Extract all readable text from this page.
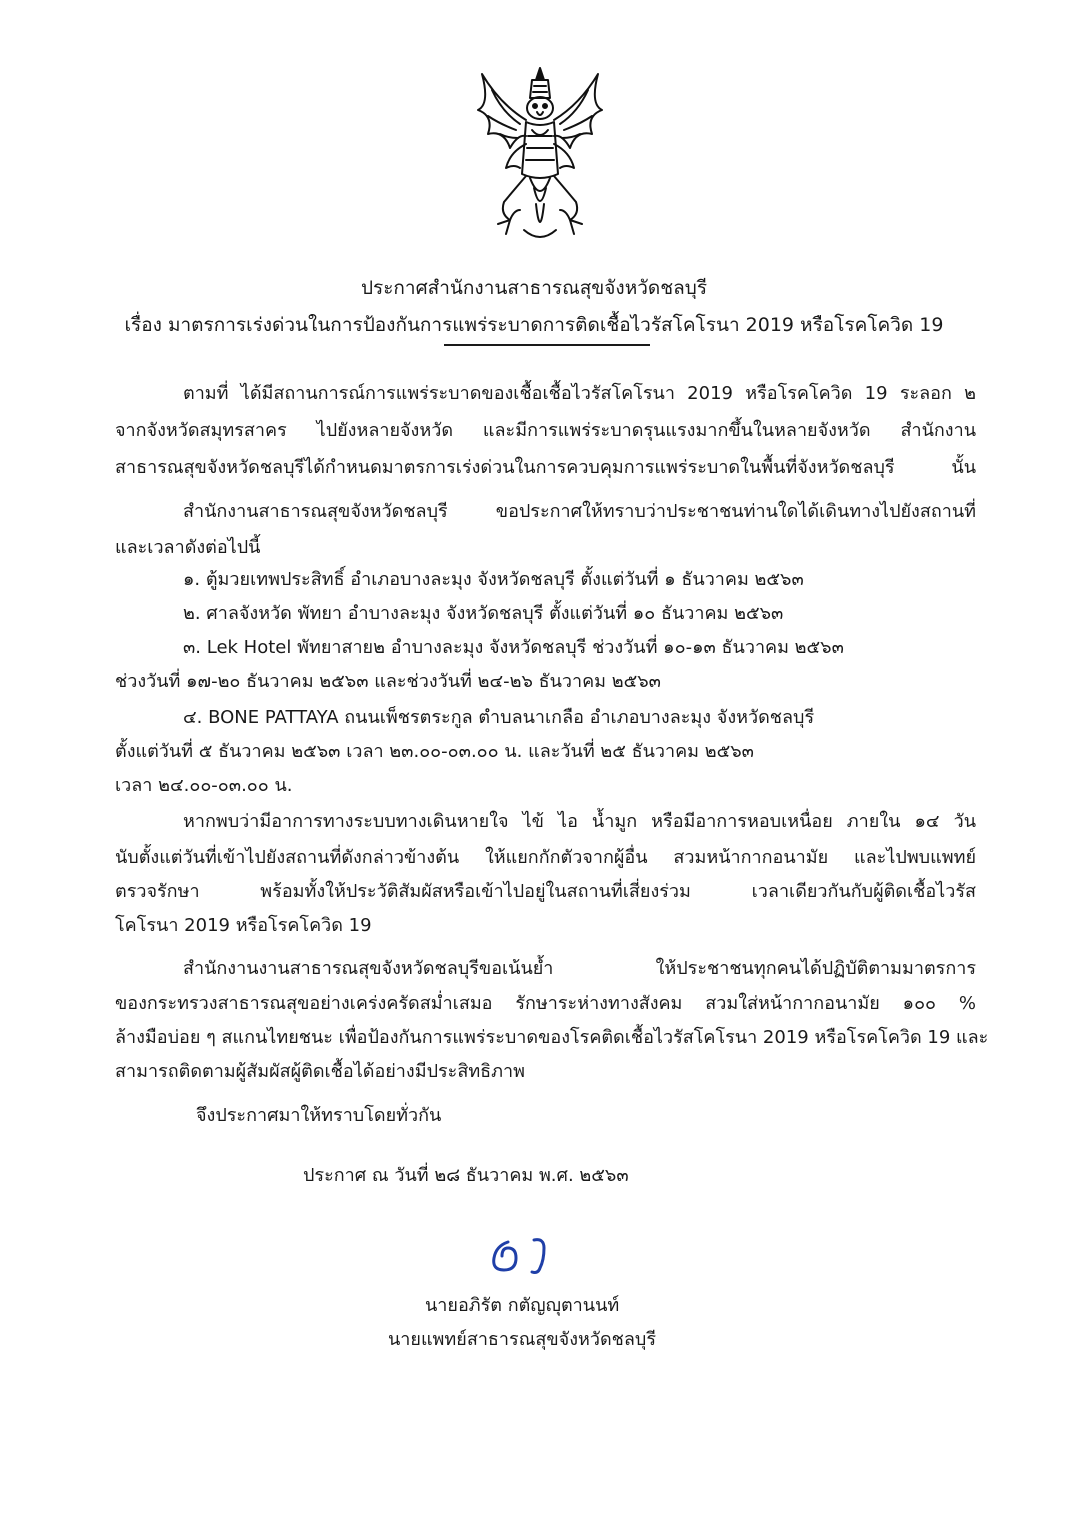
ประกาศสำนักงานสาธารณสุขจังหวัดชลบุรี
เรื่อง มาตรการเร่งด่วนในการป้องกันการแพร่ระบาดการติดเชื้อไวรัสโคโรนา 2019 หรือโรคโควิด 19
ตามที่ ได้มีสถานการณ์การแพร่ระบาดของเชื้อเชื้อไวรัสโคโรนา 2019 หรือโรคโควิด 19 ระลอก ๒
จากจังหวัดสมุทรสาคร ไปยังหลายจังหวัด และมีการแพร่ระบาดรุนแรงมากขึ้นในหลายจังหวัด สำนักงาน
สาธารณสุขจังหวัดชลบุรีได้กำหนดมาตรการเร่งด่วนในการควบคุมการแพร่ระบาดในพื้นที่จังหวัดชลบุรี นั้น
สำนักงานสาธารณสุขจังหวัดชลบุรี ขอประกาศให้ทราบว่าประชาชนท่านใดได้เดินทางไปยังสถานที่
และเวลาดังต่อไปนี้
๑. ตู้มวยเทพประสิทธิ์ อำเภอบางละมุง จังหวัดชลบุรี ตั้งแต่วันที่ ๑ ธันวาคม ๒๕๖๓
๒. ศาลจังหวัด พัทยา อำบางละมุง จังหวัดชลบุรี ตั้งแต่วันที่ ๑๐ ธันวาคม ๒๕๖๓
๓. Lek Hotel พัทยาสาย๒ อำบางละมุง จังหวัดชลบุรี ช่วงวันที่ ๑๐-๑๓ ธันวาคม ๒๕๖๓
ช่วงวันที่ ๑๗-๒๐ ธันวาคม ๒๕๖๓ และช่วงวันที่ ๒๔-๒๖ ธันวาคม ๒๕๖๓
๔. BONE PATTAYA ถนนเพ็ชรตระกูล ตำบลนาเกลือ อำเภอบางละมุง จังหวัดชลบุรี
ตั้งแต่วันที่ ๕ ธันวาคม ๒๕๖๓ เวลา ๒๓.๐๐-๐๓.๐๐ น. และวันที่ ๒๕ ธันวาคม ๒๕๖๓
เวลา ๒๔.๐๐-๐๓.๐๐ น.
หากพบว่ามีอาการทางระบบทางเดินหายใจ ไข้ ไอ น้ำมูก หรือมีอาการหอบเหนื่อย ภายใน ๑๔ วัน
นับตั้งแต่วันที่เข้าไปยังสถานที่ดังกล่าวข้างต้น ให้แยกกักตัวจากผู้อื่น สวมหน้ากากอนามัย และไปพบแพทย์
ตรวจรักษา พร้อมทั้งให้ประวัติสัมผัสหรือเข้าไปอยู่ในสถานที่เสี่ยงร่วม เวลาเดียวกันกับผู้ติดเชื้อไวรัส
โคโรนา 2019 หรือโรคโควิด 19
สำนักงานงานสาธารณสุขจังหวัดชลบุรีขอเน้นย้ำ ให้ประชาชนทุกคนได้ปฏิบัติตามมาตรการ
ของกระทรวงสาธารณสุขอย่างเคร่งครัดสม่ำเสมอ รักษาระห่างทางสังคม สวมใส่หน้ากากอนามัย ๑๐๐ %
ล้างมือบ่อย ๆ สแกนไทยชนะ เพื่อป้องกันการแพร่ระบาดของโรคติดเชื้อไวรัสโคโรนา 2019 หรือโรคโควิด 19 และ
สามารถติดตามผู้สัมผัสผู้ติดเชื้อได้อย่างมีประสิทธิภาพ
จึงประกาศมาให้ทราบโดยทั่วกัน
ประกาศ ณ วันที่ ๒๘ ธันวาคม พ.ศ. ๒๕๖๓
นายอภิรัต กตัญญุตานนท์
นายแพทย์สาธารณสุขจังหวัดชลบุรี
